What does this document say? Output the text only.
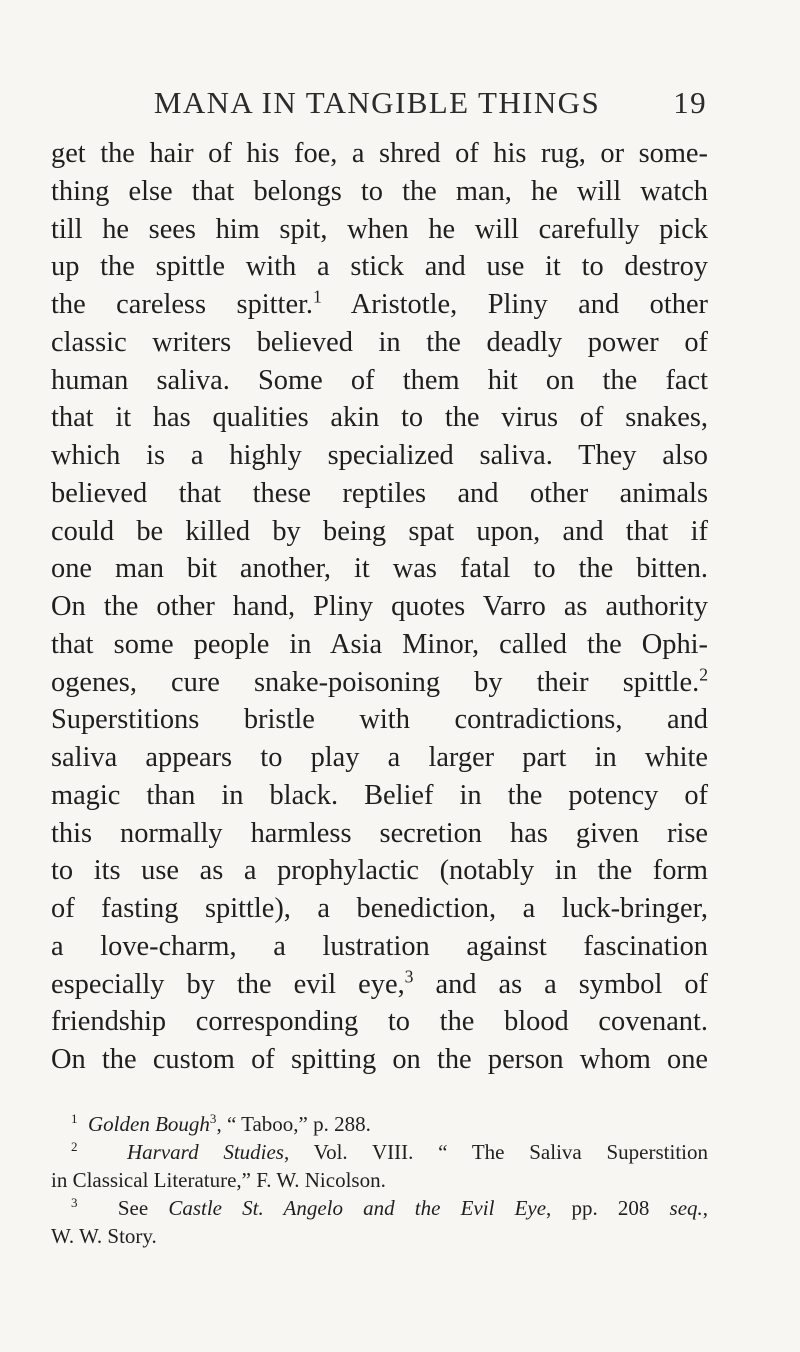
MANA IN TANGIBLE THINGS	19
get the hair of his foe, a shred of his rug, or some-
thing else that belongs to the man, he will watch
till he sees him spit, when he will carefully pick
up the spittle with a stick and use it to destroy
the careless spitter.$^1$ Aristotle, Pliny and other
classic writers believed in the deadly power of
human saliva. Some of them hit on the fact
that it has qualities akin to the virus of snakes,
which is a highly specialized saliva. They also
believed that these reptiles and other animals
could be killed by being spat upon, and that if
one man bit another, it was fatal to the bitten.
On the other hand, Pliny quotes Varro as authority
that some people in Asia Minor, called the Ophi-
ogenes, cure snake-poisoning by their spittle.$^2$
Superstitions bristle with contradictions, and
saliva appears to play a larger part in white
magic than in black. Belief in the potency of
this normally harmless secretion has given rise
to its use as a prophylactic (notably in the form
of fasting spittle), a benediction, a luck-bringer,
a love-charm, a lustration against fascination
especially by the evil eye,$^3$ and as a symbol of
friendship corresponding to the blood covenant.
On the custom of spitting on the person whom one
$^1$ Golden Bough$^3$, “ Taboo,” p. 288.
$^2$ Harvard Studies, Vol. VIII. “ The Saliva Superstition
in Classical Literature,” F. W. Nicolson.
$^3$ See Castle St. Angelo and the Evil Eye, pp. 208 seq.,
W. W. Story.
